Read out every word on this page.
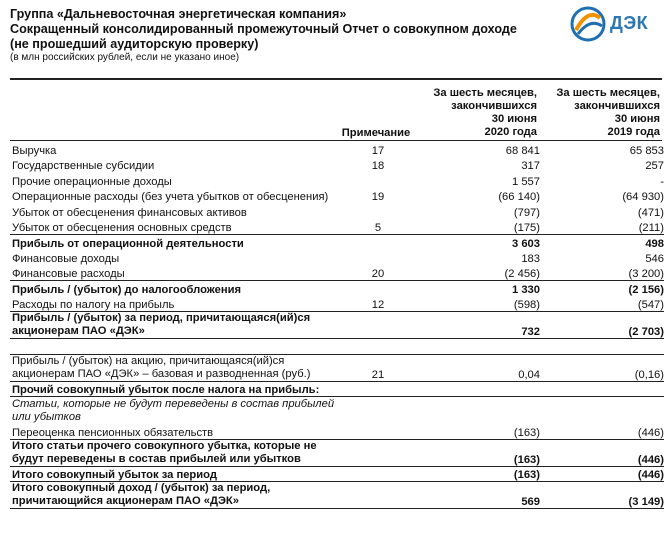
Группа «Дальневосточная энергетическая компания»
Сокращенный консолидированный промежуточный Отчет о совокупном доходе
(не прошедший аудиторскую проверку)
(в млн российских рублей, если не указано иное)
ДЭК
Примечание
За шесть месяцев,
закончившихся
30 июня
2020 года
За шесть месяцев,
закончившихся
30 июня
2019 года
Выручка	17	68 841	65 853
Государственные субсидии	18	317	257
Прочие операционные доходы		1 557	-
Операционные расходы (без учета убытков от обесценения)	19	(66 140)	(64 930)
Убыток от обесценения финансовых активов		(797)	(471)
Убыток от обесценения основных средств	5	(175)	(211)
Прибыль от операционной деятельности		3 603	498
Финансовые доходы		183	546
Финансовые расходы	20	(2 456)	(3 200)
Прибыль / (убыток) до налогообложения		1 330	(2 156)
Расходы по налогу на прибыль	12	(598)	(547)
Прибыль / (убыток) за период, причитающаяся(ий)ся акционерам ПАО «ДЭК»		732	(2 703)

Прибыль / (убыток) на акцию, причитающаяся(ий)ся акционерам ПАО «ДЭК» – базовая и разводненная (руб.)	21	0,04	(0,16)
Прочий совокупный убыток после налога на прибыль:			
Статьи, которые не будут переведены в состав прибылей или убытков			
Переоценка пенсионных обязательств		(163)	(446)
Итого статьи прочего совокупного убытка, которые не будут переведены в состав прибылей или убытков		(163)	(446)
Итого совокупный убыток за период		(163)	(446)
Итого совокупный доход / (убыток) за период, причитающийся акционерам ПАО «ДЭК»		569	(3 149)
